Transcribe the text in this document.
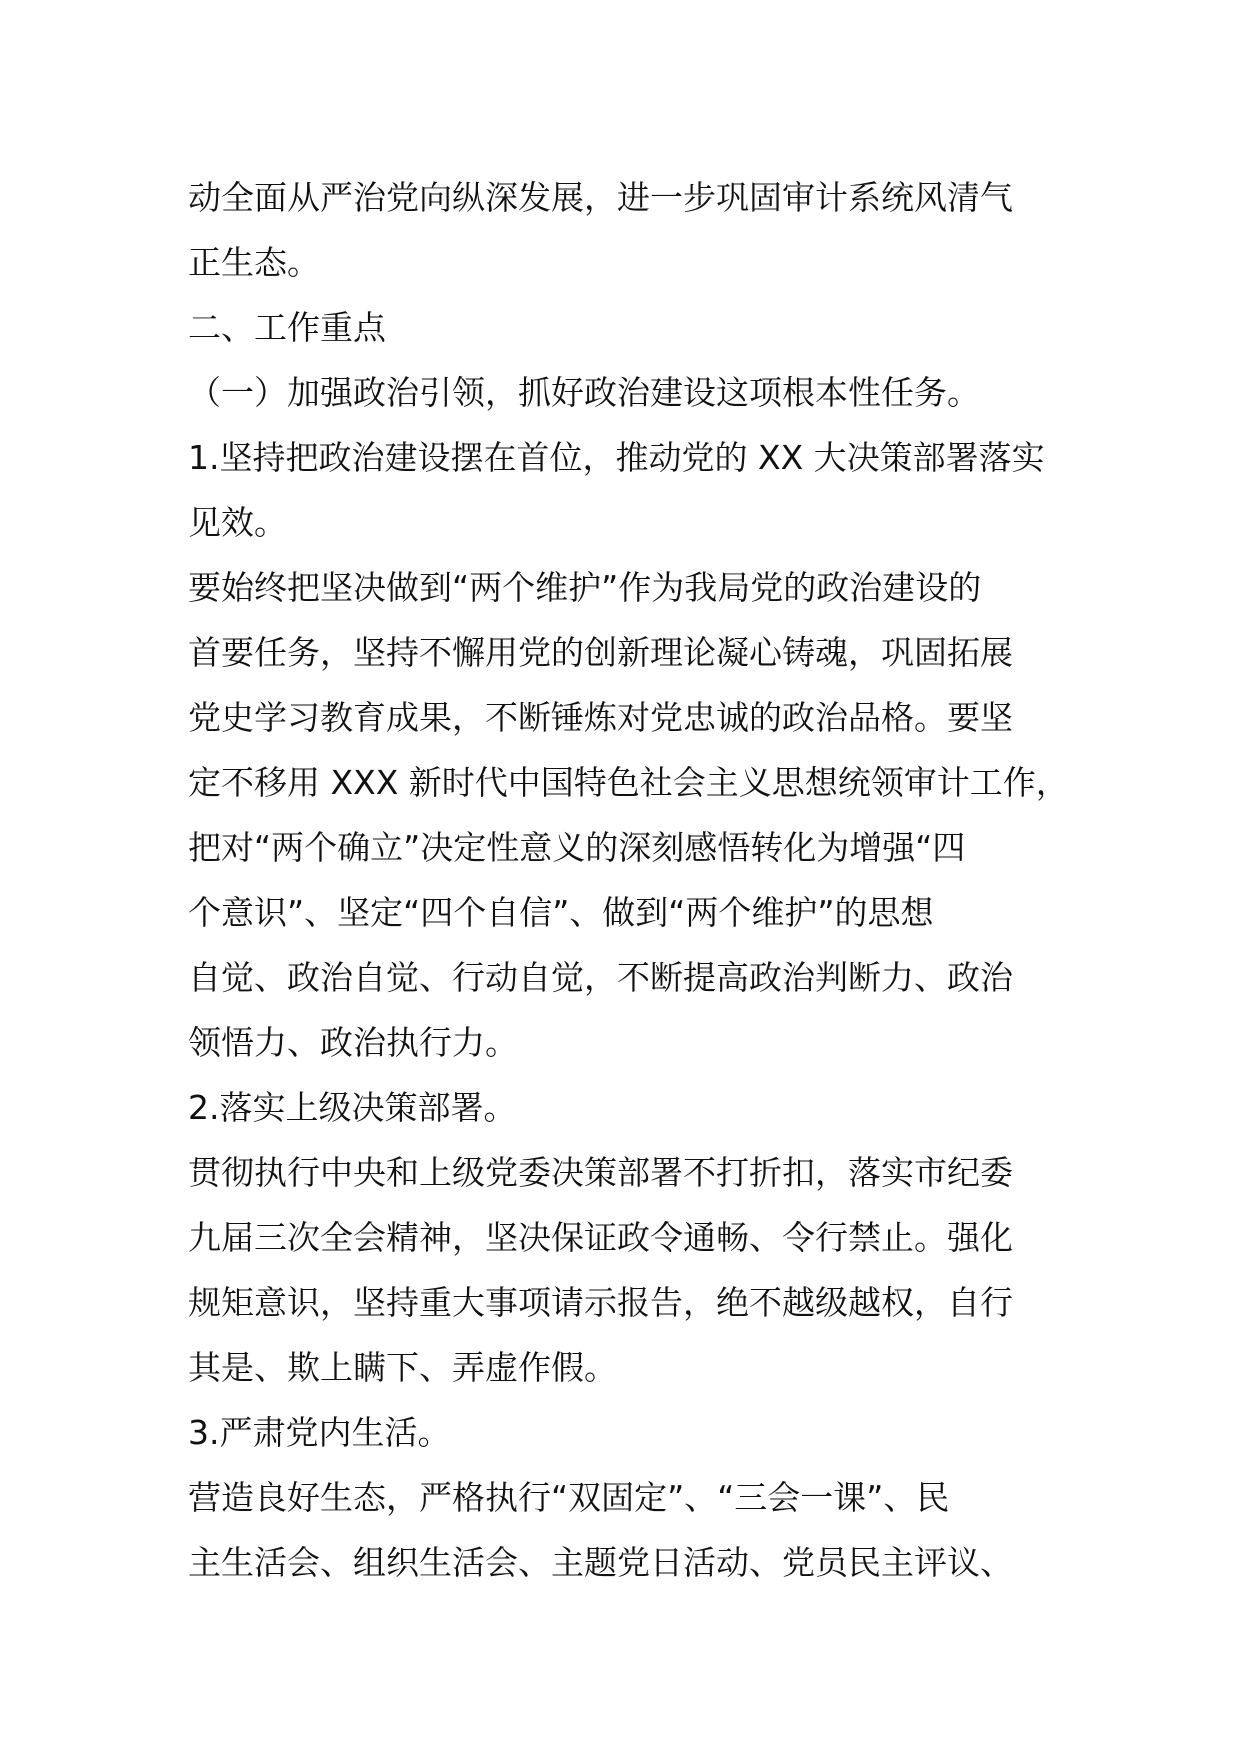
动全面从严治党向纵深发展，进一步巩固审计系统风清气
正生态。
二、工作重点
（一）加强政治引领，抓好政治建设这项根本性任务。
1.坚持把政治建设摆在首位，推动党的 XX 大决策部署落实
见效。
要始终把坚决做到“两个维护”作为我局党的政治建设的
首要任务，坚持不懈用党的创新理论凝心铸魂，巩固拓展
党史学习教育成果，不断锤炼对党忠诚的政治品格。要坚
定不移用 XXX 新时代中国特色社会主义思想统领审计工作，
把对“两个确立”决定性意义的深刻感悟转化为增强“四
个意识”、坚定“四个自信”、做到“两个维护”的思想
自觉、政治自觉、行动自觉，不断提高政治判断力、政治
领悟力、政治执行力。
2.落实上级决策部署。
贯彻执行中央和上级党委决策部署不打折扣，落实市纪委
九届三次全会精神，坚决保证政令通畅、令行禁止。强化
规矩意识，坚持重大事项请示报告，绝不越级越权，自行
其是、欺上瞒下、弄虚作假。
3.严肃党内生活。
营造良好生态，严格执行“双固定”、“三会一课”、民
主生活会、组织生活会、主题党日活动、党员民主评议、
